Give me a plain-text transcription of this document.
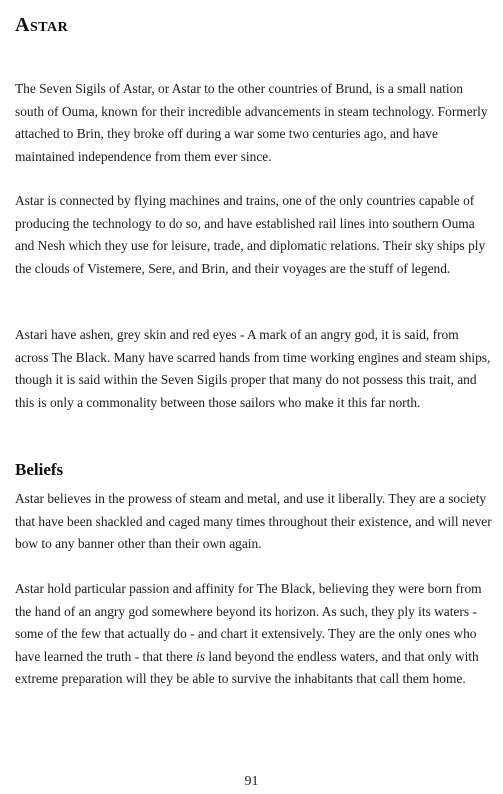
Astar

The Seven Sigils of Astar, or Astar to the other countries of Brund, is a small nation south of Ouma, known for their incredible advancements in steam technology. Formerly attached to Brin, they broke off during a war some two centuries ago, and have maintained independence from them ever since.

Astar is connected by flying machines and trains, one of the only countries capable of producing the technology to do so, and have established rail lines into southern Ouma and Nesh which they use for leisure, trade, and diplomatic relations. Their sky ships ply the clouds of Vistemere, Sere, and Brin, and their voyages are the stuff of legend.

Astari have ashen, grey skin and red eyes - A mark of an angry god, it is said, from across The Black. Many have scarred hands from time working engines and steam ships, though it is said within the Seven Sigils proper that many do not possess this trait, and this is only a commonality between those sailors who make it this far north.

Beliefs

Astar believes in the prowess of steam and metal, and use it liberally. They are a society that have been shackled and caged many times throughout their existence, and will never bow to any banner other than their own again.

Astar hold particular passion and affinity for The Black, believing they were born from the hand of an angry god somewhere beyond its horizon. As such, they ply its waters - some of the few that actually do - and chart it extensively. They are the only ones who have learned the truth - that there is land beyond the endless waters, and that only with extreme preparation will they be able to survive the inhabitants that call them home.

91
